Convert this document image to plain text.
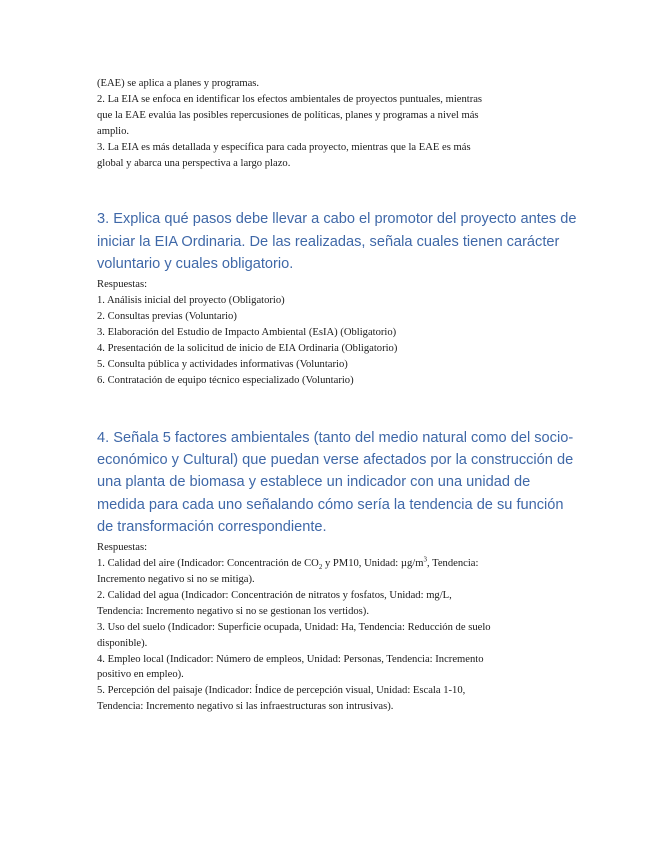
(EAE) se aplica a planes y programas.

2. La EIA se enfoca en identificar los efectos ambientales de proyectos puntuales, mientras

que la EAE evalúa las posibles repercusiones de políticas, planes y programas a nivel más

amplio.

3. La EIA es más detallada y específica para cada proyecto, mientras que la EAE es más

global y abarca una perspectiva a largo plazo.

3. Explica qué pasos debe llevar a cabo el promotor del proyecto antes de

iniciar la EIA Ordinaria. De las realizadas, señala cuales tienen carácter

voluntario y cuales obligatorio.

Respuestas:

1. Análisis inicial del proyecto (Obligatorio)

2. Consultas previas (Voluntario)

3. Elaboración del Estudio de Impacto Ambiental (EsIA) (Obligatorio)

4. Presentación de la solicitud de inicio de EIA Ordinaria (Obligatorio)

5. Consulta pública y actividades informativas (Voluntario)

6. Contratación de equipo técnico especializado (Voluntario)

4. Señala 5 factores ambientales (tanto del medio natural como del socio-

económico y Cultural) que puedan verse afectados por la construcción de

una planta de biomasa y establece un indicador con una unidad de

medida para cada uno señalando cómo sería la tendencia de su función

de transformación correspondiente.

Respuestas:

1. Calidad del aire (Indicador: Concentración de $CO_2$ y PM10, Unidad: $\mu g/m^3$, Tendencia:

Incremento negativo si no se mitiga).

2. Calidad del agua (Indicador: Concentración de nitratos y fosfatos, Unidad: mg/L,

Tendencia: Incremento negativo si no se gestionan los vertidos).

3. Uso del suelo (Indicador: Superficie ocupada, Unidad: Ha, Tendencia: Reducción de suelo

disponible).

4. Empleo local (Indicador: Número de empleos, Unidad: Personas, Tendencia: Incremento

positivo en empleo).

5. Percepción del paisaje (Indicador: Índice de percepción visual, Unidad: Escala 1-10,

Tendencia: Incremento negativo si las infraestructuras son intrusivas).
